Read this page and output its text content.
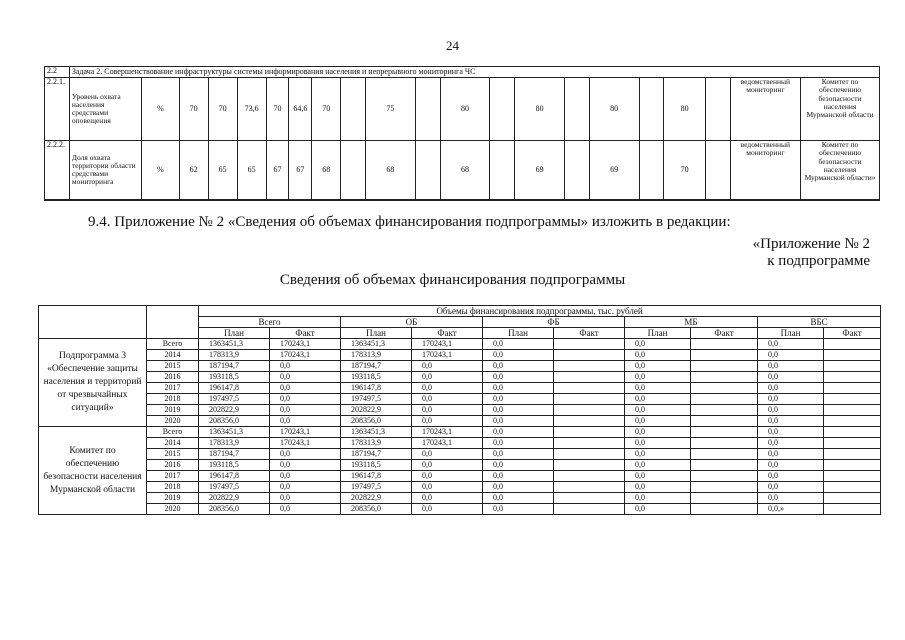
24
2.2	Задача 2. Совершенствование инфраструктуры системы информирования населения и непрерывного мониторинга ЧС																				
2.2.1.	Уровень охвата населения средствами оповещения	%	70	70	73,6	70	64,6	70		75		80		80		80		80		ведомственный мониторинг	Комитет по обеспечению безопасности населения Мурманской области
2.2.2.	Доля охвата территории области средствами мониторинга	%	62	65	65	67	67	68		68		68		69		69		70		ведомственный мониторинг	Комитет по обеспечению безопасности населения Мурманской области»
9.4. Приложение № 2 «Сведения об объемах финансирования подпрограммы» изложить в редакции:
«Приложение № 2
к подпрограмме
Сведения об объемах финансирования подпрограммы
		Объемы финансирования подпрограммы, тыс. рублей									
		Всего		ОБ		ФБ		МБ		ВБС	
		План	Факт	План	Факт	План	Факт	План	Факт	План	Факт
Подпрограмма 3 «Обеспечение защиты населения и территорий от чрезвычайных ситуаций»	Всего	1363451,3	170243,1	1363451,3	170243,1	0,0		0,0		0,0	
	2014	178313,9	170243,1	178313,9	170243,1	0,0		0,0		0,0	
	2015	187194,7	0,0	187194,7	0,0	0,0		0,0		0,0	
	2016	193118,5	0,0	193118,5	0,0	0,0		0,0		0,0	
	2017	196147,8	0,0	196147,8	0,0	0,0		0,0		0,0	
	2018	197497,5	0,0	197497,5	0,0	0,0		0,0		0,0	
	2019	202822,9	0,0	202822,9	0,0	0,0		0,0		0,0	
	2020	208356,0	0,0	208356,0	0,0	0,0		0,0		0,0	
Комитет по обеспечению безопасности населения Мурманской области	Всего	1363451,3	170243,1	1363451,3	170243,1	0,0		0,0		0,0	
	2014	178313,9	170243,1	178313,9	170243,1	0,0		0,0		0,0	
	2015	187194,7	0,0	187194,7	0,0	0,0		0,0		0,0	
	2016	193118,5	0,0	193118,5	0,0	0,0		0,0		0,0	
	2017	196147,8	0,0	196147,8	0,0	0,0		0,0		0,0	
	2018	197497,5	0,0	197497,5	0,0	0,0		0,0		0,0	
	2019	202822,9	0,0	202822,9	0,0	0,0		0,0		0,0	
	2020	208356,0	0,0	208356,0	0,0	0,0		0,0		0,0,»	
